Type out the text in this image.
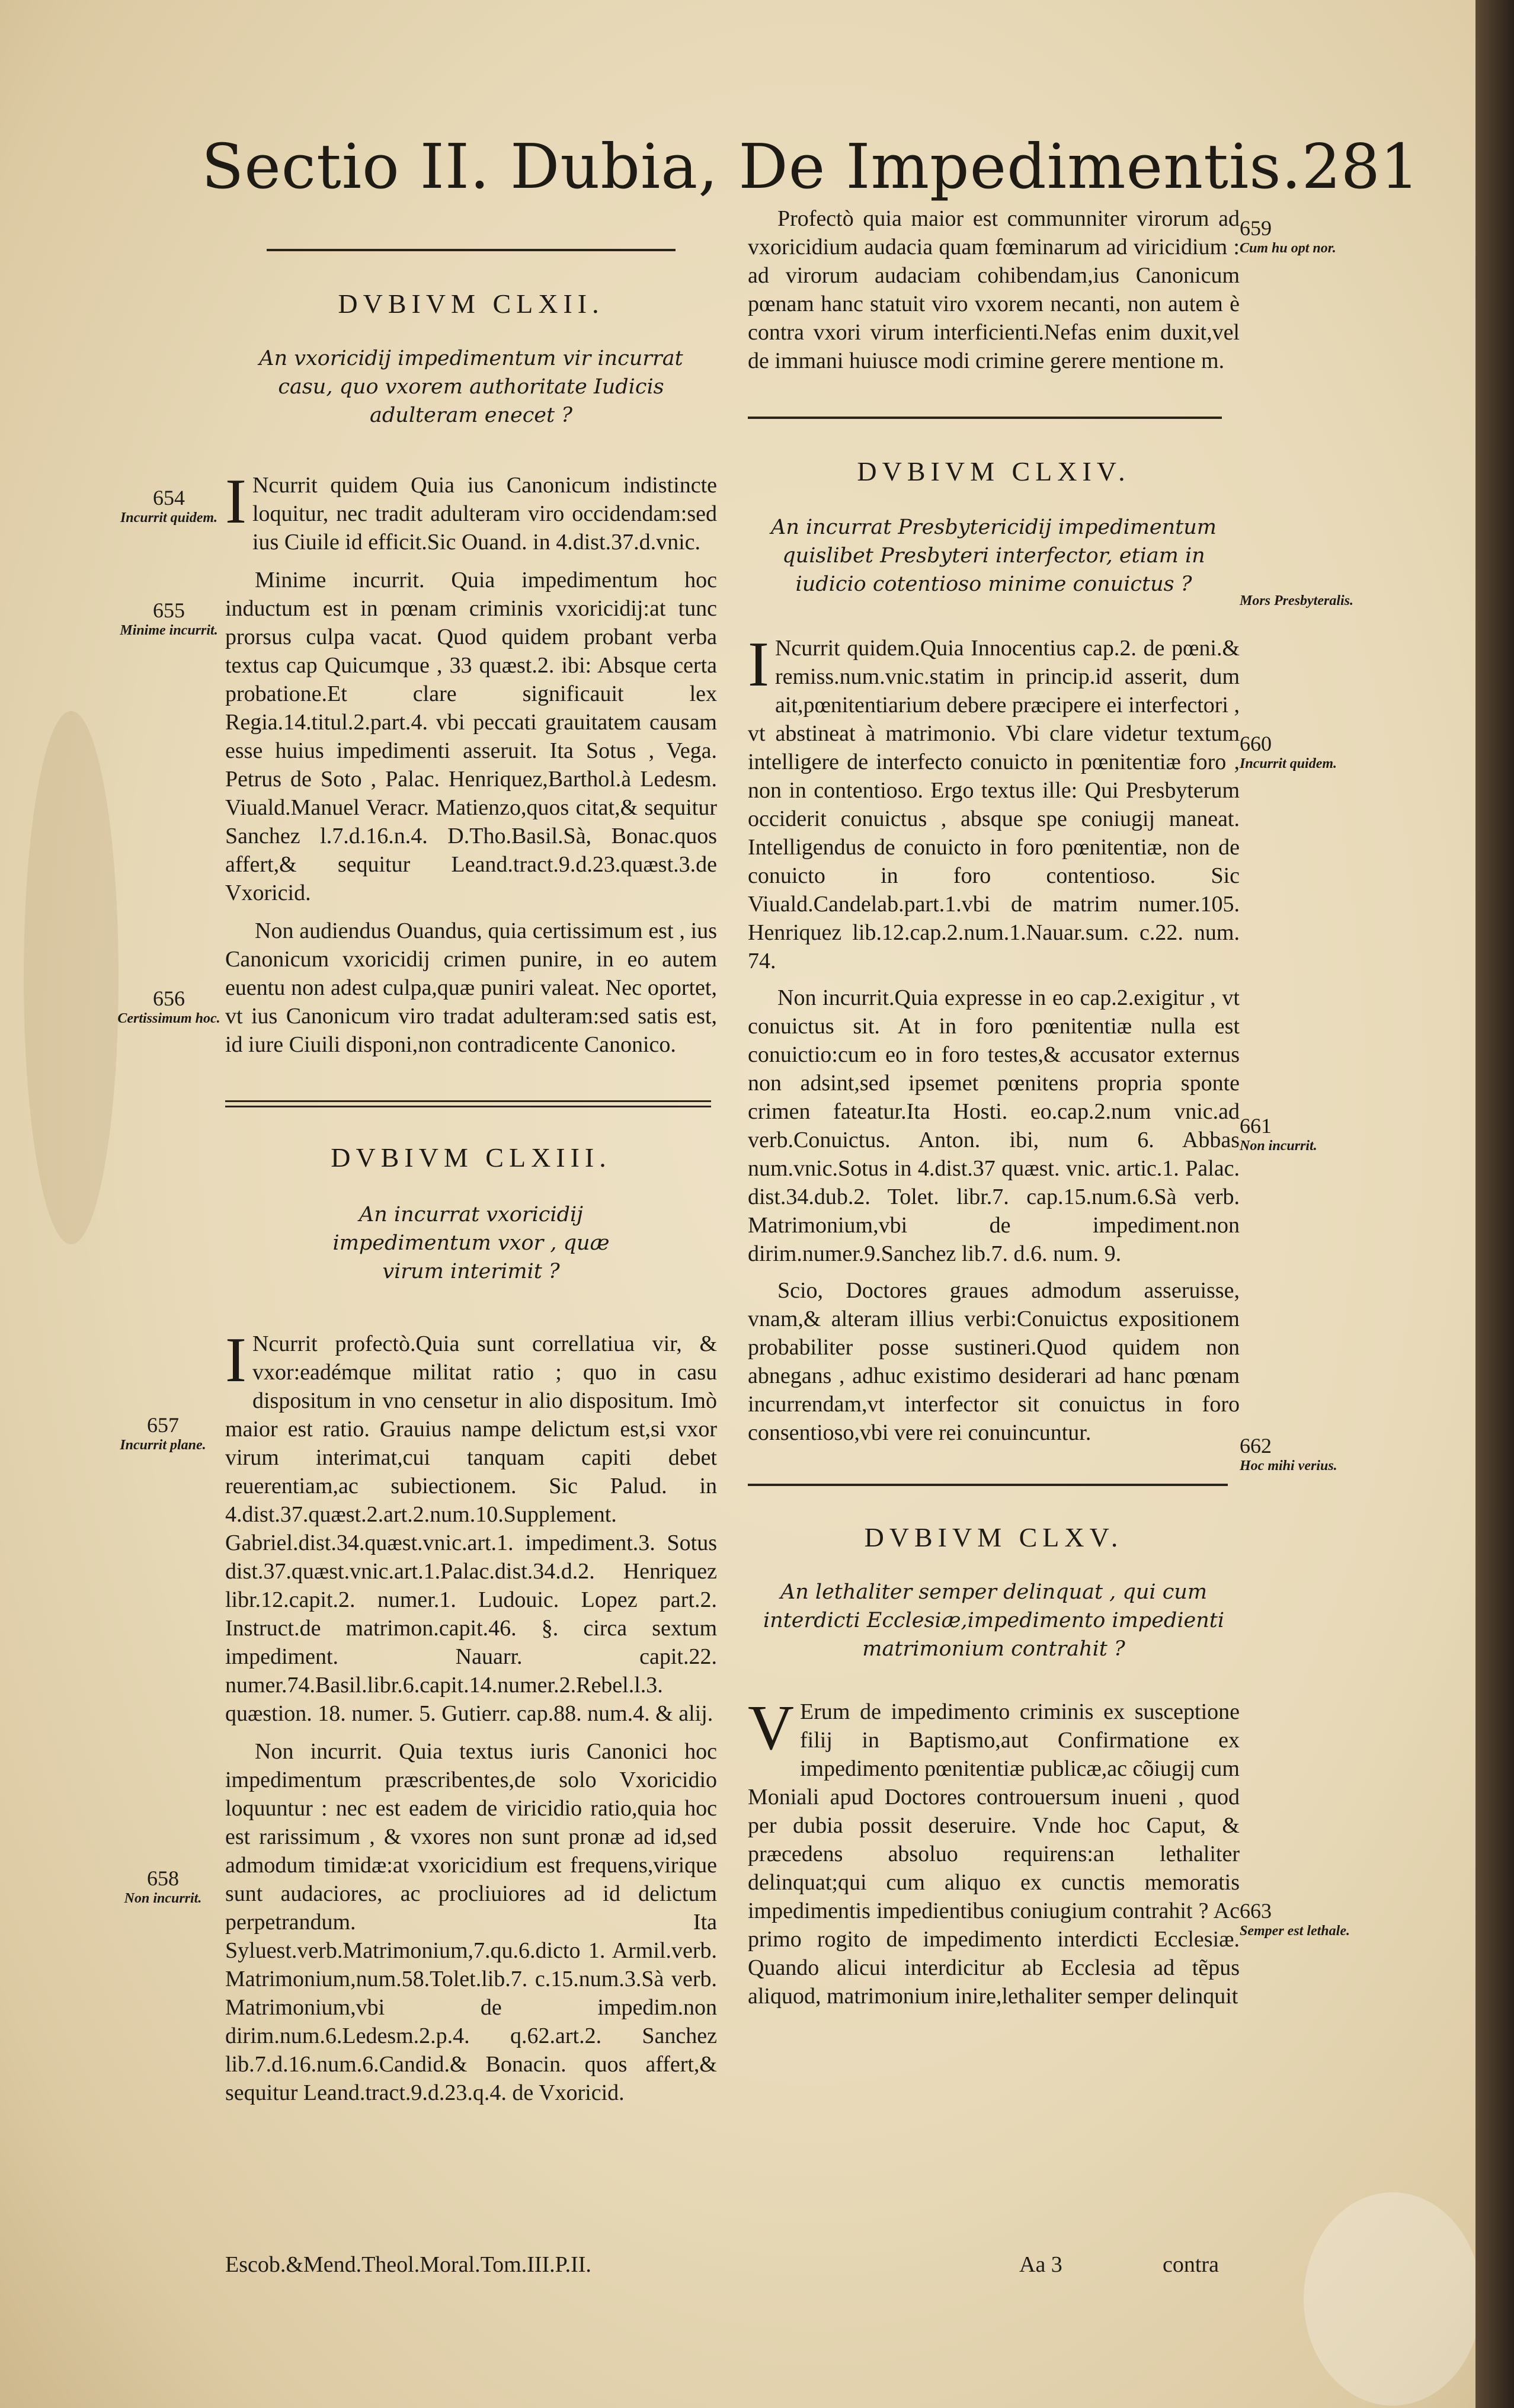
Sectio II. Dubia, De Impedimentis. 281

DVBIVM CLXII.

An vxoricidij impedimentum vir incurrat casu, quo vxorem authoritate Iudicis adulteram enecet ?

I Ncurrit quidem Quia ius Canonicum indistincte loquitur, nec tradit adulteram viro occidendam:sed ius Ciuile id efficit.Sic Ouand. in 4.dist.37.d.vnic.

Minime incurrit. Quia impedimentum hoc inductum est in pœnam criminis vxoricidij:at tunc prorsus culpa vacat. Quod quidem probant verba textus cap Quicumque , 33 quæst.2. ibi: Absque certa probatione.Et clare significauit lex Regia.14.titul.2.part.4. vbi peccati grauitatem causam esse huius impedimenti asseruit. Ita Sotus , Vega. Petrus de Soto , Palac. Henriquez,Barthol.à Ledesm. Viuald.Manuel Veracr. Matienzo,quos citat,& sequitur Sanchez l.7.d.16.n.4. D.Tho.Basil.Sà, Bonac.quos affert,& sequitur Leand.tract.9.d.23.quæst.3.de Vxoricid.

Non audiendus Ouandus, quia certissimum est , ius Canonicum vxoricidij crimen punire, in eo autem euentu non adest culpa,quæ puniri valeat. Nec oportet, vt ius Canonicum viro tradat adulteram:sed satis est, id iure Ciuili disponi,non contradicente Canonico.

DVBIVM CLXIII.

An incurrat vxoricidij impedimentum vxor , quæ virum interimit ?

I Ncurrit profectò.Quia sunt correllatiua vir, & vxor:eadémque militat ratio ; quo in casu dispositum in vno censetur in alio dispositum. Imò maior est ratio. Grauius nampe delictum est,si vxor virum interimat,cui tanquam capiti debet reuerentiam,ac subiectionem. Sic Palud. in 4.dist.37.quæst.2.art.2.num.10.Supplement. Gabriel.dist.34.quæst.vnic.art.1. impediment.3. Sotus dist.37.quæst.vnic.art.1.Palac.dist.34.d.2. Henriquez libr.12.capit.2. numer.1. Ludouic. Lopez part.2. Instruct.de matrimon.capit.46. §. circa sextum impediment. Nauarr. capit.22. numer.74.Basil.libr.6.capit.14.numer.2.Rebel.l.3. quæstion. 18. numer. 5. Gutierr. cap.88. num.4. & alij.

Non incurrit. Quia textus iuris Canonici hoc impedimentum præscribentes,de solo Vxoricidio loquuntur : nec est eadem de viricidio ratio,quia hoc est rarissimum , & vxores non sunt pronæ ad id,sed admodum timidæ:at vxoricidium est frequens,virique sunt audaciores, ac procliuiores ad id delictum perpetrandum. Ita Syluest.verb.Matrimonium,7.qu.6.dicto 1. Armil.verb. Matrimonium,num.58.Tolet.lib.7. c.15.num.3.Sà verb. Matrimonium,vbi de impedim.non dirim.num.6.Ledesm.2.p.4. q.62.art.2. Sanchez lib.7.d.16.num.6.Candid.& Bonacin. quos affert,& sequitur Leand.tract.9.d.23.q.4. de Vxoricid.

654
Incurrit quidem.
655
Minime incurrit.
656
Certissimum hoc.
657
Incurrit plane.
658
Non incurrit.

Profectò quia maior est communniter virorum ad vxoricidium audacia quam fœminarum ad viricidium : ad virorum audaciam cohibendam,ius Canonicum pœnam hanc statuit viro vxorem necanti, non autem è contra vxori virum interficienti.Nefas enim duxit,vel de immani huiusce modi crimine gerere mentione m.

DVBIVM CLXIV.

An incurrat Presbytericidij impedimentum quislibet Presbyteri interfector, etiam in iudicio cotentioso minime conuictus ?

I Ncurrit quidem.Quia Innocentius cap.2. de pœni.& remiss.num.vnic.statim in princip.id asserit, dum ait,pœnitentiarium debere præcipere ei interfectori , vt abstineat à matrimonio. Vbi clare videtur textum intelligere de interfecto conuicto in pœnitentiæ foro , non in contentioso. Ergo textus ille: Qui Presbyterum occiderit conuictus , absque spe coniugij maneat. Intelligendus de conuicto in foro pœnitentiæ, non de conuicto in foro contentioso. Sic Viuald.Candelab.part.1.vbi de matrim numer.105. Henriquez lib.12.cap.2.num.1.Nauar.sum. c.22. num. 74.

Non incurrit.Quia expresse in eo cap.2.exigitur , vt conuictus sit. At in foro pœnitentiæ nulla est conuictio:cum eo in foro testes,& accusator externus non adsint,sed ipsemet pœnitens propria sponte crimen fateatur.Ita Hosti. eo.cap.2.num vnic.ad verb.Conuictus. Anton. ibi, num 6. Abbas num.vnic.Sotus in 4.dist.37 quæst. vnic. artic.1. Palac. dist.34.dub.2. Tolet. libr.7. cap.15.num.6.Sà verb. Matrimonium,vbi de impediment.non dirim.numer.9.Sanchez lib.7. d.6. num. 9.

Scio, Doctores graues admodum asseruisse, vnam,& alteram illius verbi:Conuictus expositionem probabiliter posse sustineri.Quod quidem non abnegans , adhuc existimo desiderari ad hanc pœnam incurrendam,vt interfector sit conuictus in foro consentioso,vbi vere rei conuincuntur.

DVBIVM CLXV.

An lethaliter semper delinquat , qui cum interdicti Ecclesiæ,impedimento impedienti matrimonium contrahit ?

V Erum de impedimento criminis ex susceptione filij in Baptismo,aut Confirmatione ex impedimento pœnitentiæ publicæ,ac cõiugij cum Moniali apud Doctores controuersum inueni , quod per dubia possit deseruire. Vnde hoc Caput, & præcedens absoluo requirens:an lethaliter delinquat;qui cum aliquo ex cunctis memoratis impedimentis impedientibus coniugium contrahit ? Ac primo rogito de impedimento interdicti Ecclesiæ. Quando alicui interdicitur ab Ecclesia ad tẽpus aliquod, matrimonium inire,lethaliter semper delinquit

659
Cum hu opt nor.
Mors Presbyteralis.
660
Incurrit quidem.
661
Non incurrit.
662
Hoc mihi verius.
663
Semper est lethale.
Escob.&Mend.Theol.Moral.Tom.III.P.II.	Aa 3	contra
